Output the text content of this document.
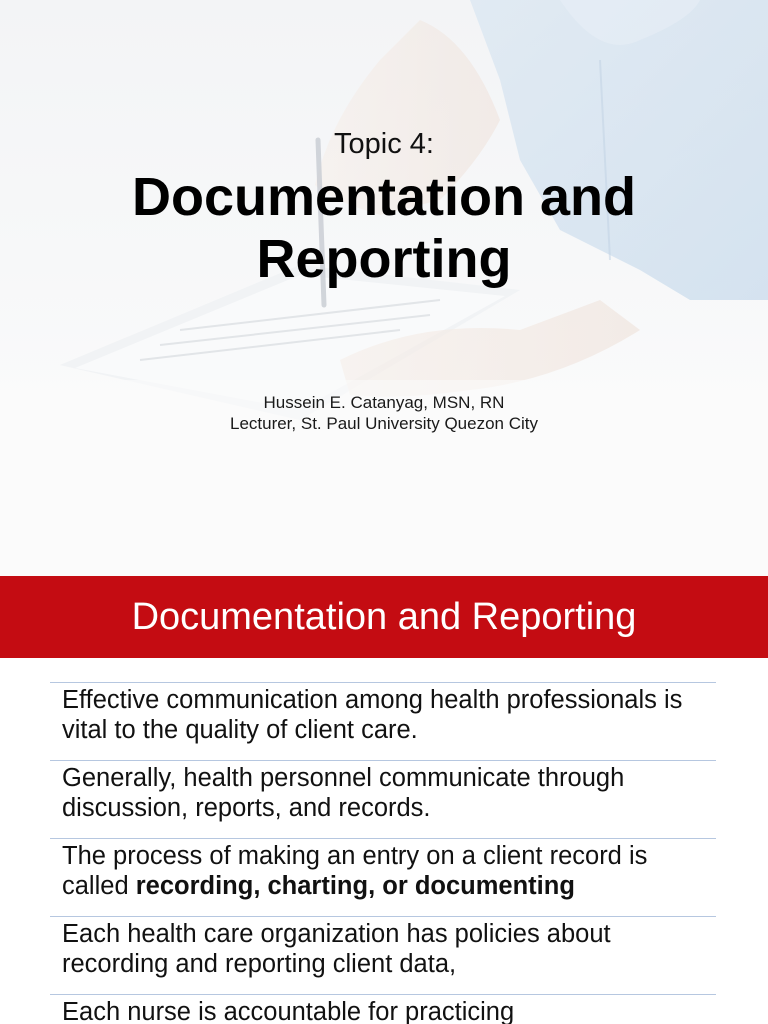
Topic 4:
Documentation and
Reporting
Hussein E. Catanyag, MSN, RN
Lecturer, St. Paul University Quezon City
Documentation and Reporting
Effective communication among health professionals is vital to the quality of client care.
Generally, health personnel communicate through discussion, reports, and records.
The process of making an entry on a client record is called recording, charting, or documenting
Each health care organization has policies about recording and reporting client data,
Each nurse is accountable for practicing
